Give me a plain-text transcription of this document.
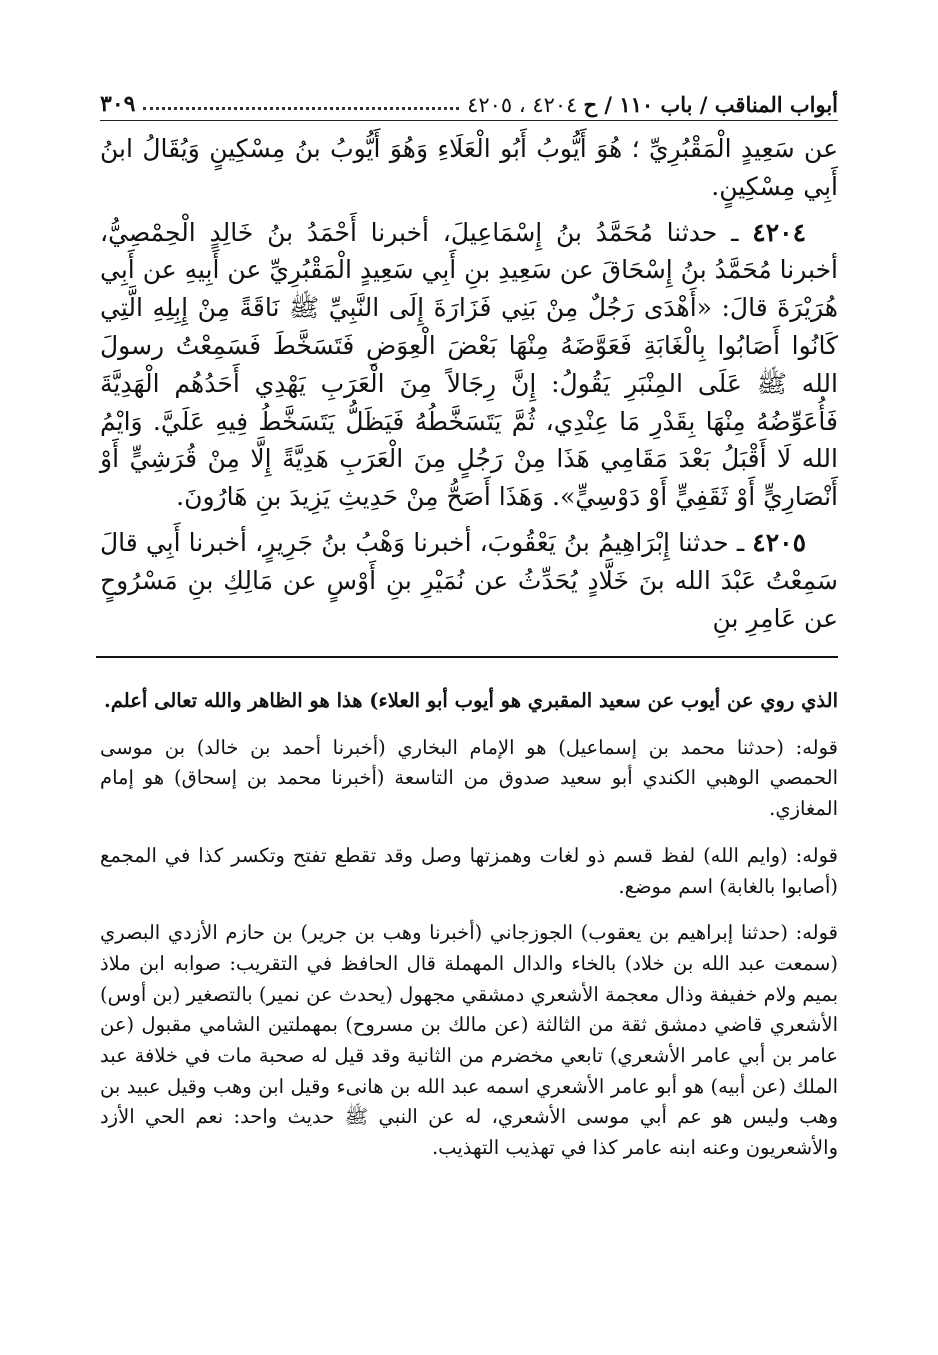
أبواب المناقب / باب ١١٠ / ح
٤٢٠٤ ، ٤٢٠٥
٣٠٩

عن سَعِيدٍ الْمَقْبُرِيِّ ؛ هُوَ أَيُّوبُ أَبُو الْعَلَاءِ وَهُوَ أَيُّوبُ بنُ مِسْكِينٍ وَيُقَالُ ابنُ أَبِي مِسْكِينٍ.

٤٢٠٤ ـ حدثنا مُحَمَّدُ بنُ إِسْمَاعِيلَ، أخبرنا أَحْمَدُ بنُ خَالِدٍ الْحِمْصِيُّ، أخبرنا مُحَمَّدُ بنُ إِسْحَاقَ عن سَعِيدِ بنِ أَبِي سَعِيدٍ الْمَقْبُرِيِّ عن أَبِيهِ عن أَبِي هُرَيْرَةَ قالَ: «أَهْدَى رَجُلٌ مِنْ بَنِي فَزَارَةَ إِلَى النَّبِيِّ ﷺ نَاقَةً مِنْ إِبِلِهِ الَّتِي كَانُوا أَصَابُوا بِالْغَابَةِ فَعَوَّضَهُ مِنْهَا بَعْضَ الْعِوَضِ فَتَسَخَّطَ فَسَمِعْتُ رسولَ الله ﷺ عَلَى المِنْبَرِ يَقُولُ: إِنَّ رِجَالاً مِنَ الْعَرَبِ يَهْدِي أَحَدُهُم الْهَدِيَّةَ فَأُعَوِّضُهُ مِنْهَا بِقَدْرِ مَا عِنْدِي، ثُمَّ يَتَسَخَّطُهُ فَيَظَلُّ يَتَسَخَّطُ فِيهِ عَلَيَّ. وَايْمُ الله لَا أَقْبَلُ بَعْدَ مَقَامِي هَذَا مِنْ رَجُلٍ مِنَ الْعَرَبِ هَدِيَّةً إِلَّا مِنْ قُرَشِيٍّ أَوْ أَنْصَارِيٍّ أَوْ ثَقَفِيٍّ أَوْ دَوْسِيٍّ». وَهَذَا أَصَحُّ مِنْ حَدِيثِ يَزِيدَ بنِ هَارُونَ.

٤٢٠٥ ـ حدثنا إِبْرَاهِيمُ بنُ يَعْقُوبَ، أخبرنا وَهْبُ بنُ جَرِيرٍ، أخبرنا أَبِي قالَ سَمِعْتُ عَبْدَ الله بنَ خَلَّادٍ يُحَدِّثُ عن نُمَيْرِ بنِ أَوْسٍ عن مَالِكِ بنِ مَسْرُوحٍ عن عَامِرِ بنِ

الذي روي عن أيوب عن سعيد المقبري هو أيوب أبو العلاء) هذا هو الظاهر والله تعالى أعلم.

قوله: (حدثنا محمد بن إسماعيل) هو الإمام البخاري (أخبرنا أحمد بن خالد) بن موسى الحمصي الوهبي الكندي أبو سعيد صدوق من التاسعة (أخبرنا محمد بن إسحاق) هو إمام المغازي.

قوله: (وايم الله) لفظ قسم ذو لغات وهمزتها وصل وقد تقطع تفتح وتكسر كذا في المجمع (أصابوا بالغابة) اسم موضع.

قوله: (حدثنا إبراهيم بن يعقوب) الجوزجاني (أخبرنا وهب بن جرير) بن حازم الأزدي البصري (سمعت عبد الله بن خلاد) بالخاء والدال المهملة قال الحافظ في التقريب: صوابه ابن ملاذ بميم ولام خفيفة وذال معجمة الأشعري دمشقي مجهول (يحدث عن نمير) بالتصغير (بن أوس) الأشعري قاضي دمشق ثقة من الثالثة (عن مالك بن مسروح) بمهملتين الشامي مقبول (عن عامر بن أبي عامر الأشعري) تابعي مخضرم من الثانية وقد قيل له صحبة مات في خلافة عبد الملك (عن أبيه) هو أبو عامر الأشعري اسمه عبد الله بن هانىء وقيل ابن وهب وقيل عبيد بن وهب وليس هو عم أبي موسى الأشعري، له عن النبي ﷺ حديث واحد: نعم الحي الأزد والأشعريون وعنه ابنه عامر كذا في تهذيب التهذيب.
